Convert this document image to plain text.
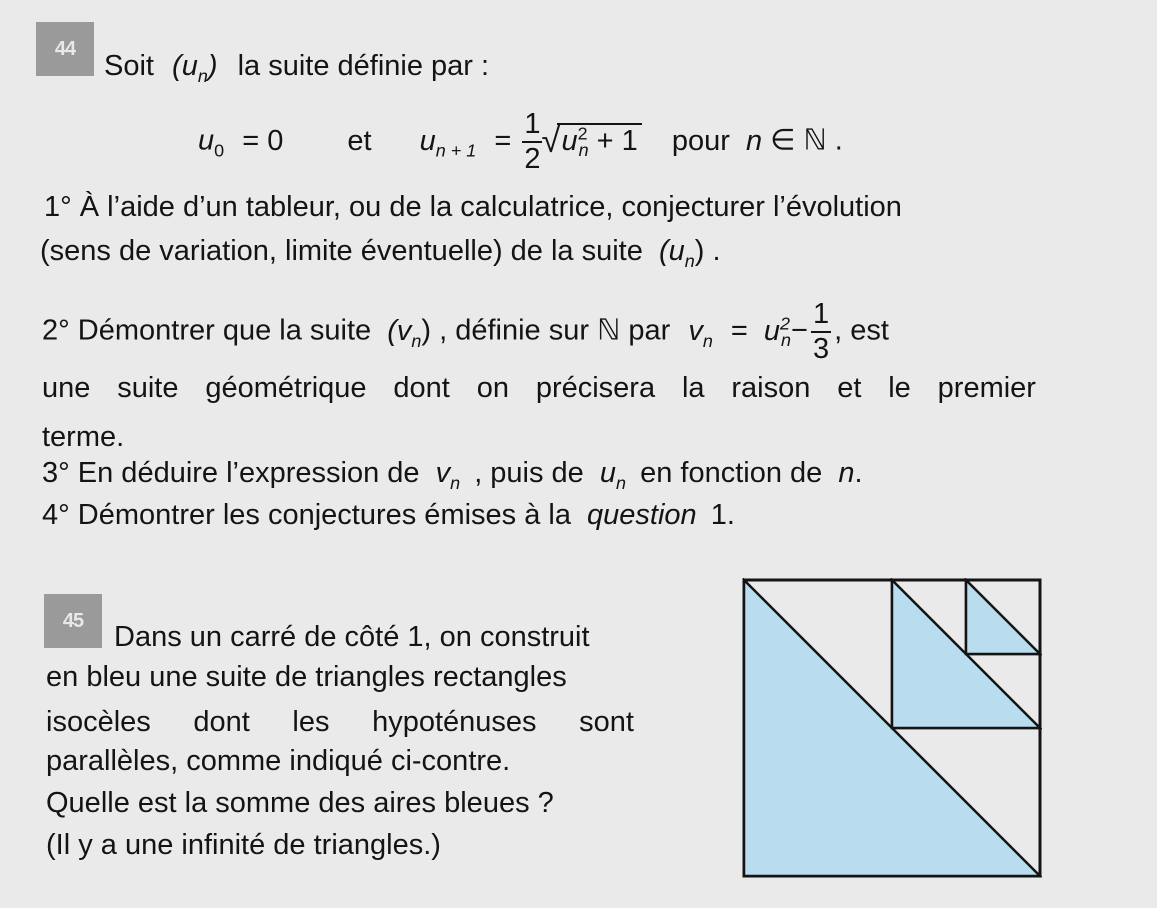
44
Soit $(u_n)$ la suite définie par :
$u_0 = 0$ et $u_{n + 1} = \frac{1}{2}$
√ $u^2_n + 1$ pour n ∈ ℕ .
1° À l’aide d’un tableur, ou de la calculatrice, conjecturer l’évolution
(sens de variation, limite éventuelle) de la suite $(u_n)$ .
2° Démontrer que la suite $(v_n)$ , définie sur ℕ par $v_n = u^2_n- \frac{1}{3}$ , est
une suite géométrique dont on précisera la raison et le premier
terme.
3° En déduire l’expression de $v_n$ , puis de $u_n$ en fonction de n.
4° Démontrer les conjectures émises à la question 1.
45
Dans un carré de côté 1, on construit
en bleu une suite de triangles rectangles
isocèles dont les hypoténuses sont
parallèles, comme indiqué ci-contre.
Quelle est la somme des aires bleues ?
(Il y a une infinité de triangles.)
